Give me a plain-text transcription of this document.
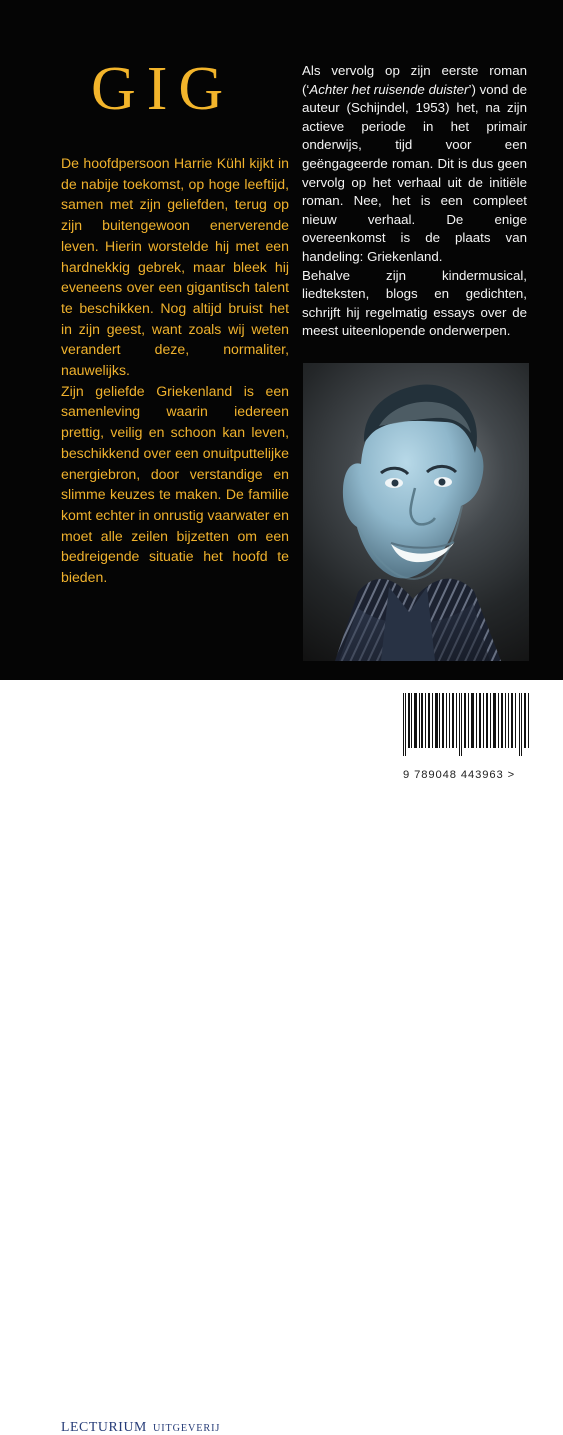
GIG

De hoofdpersoon Harrie Kühl kijkt in de nabije toekomst, op hoge leeftijd, samen met zijn geliefden, terug op zijn buitengewoon enerverende leven. Hierin worstelde hij met een hardnekkig gebrek, maar bleek hij eveneens over een gigantisch talent te beschikken. Nog altijd bruist het in zijn geest, want zoals wij weten verandert deze, normaliter, nauwelijks.

Zijn geliefde Griekenland is een samenleving waarin iedereen prettig, veilig en schoon kan leven, beschikkend over een onuitputtelijke energiebron, door verstandige en slimme keuzes te maken. De familie komt echter in onrustig vaarwater en moet alle zeilen bijzetten om een bedreigende situatie het hoofd te bieden.

Als vervolg op zijn eerste roman (‘Achter het ruisende duister’) vond de auteur (Schijndel, 1953) het, na zijn actieve periode in het primair onderwijs, tijd voor een geëngageerde roman. Dit is dus geen vervolg op het verhaal uit de initiële roman. Nee, het is een compleet nieuw verhaal. De enige overeenkomst is de plaats van handeling: Griekenland.

Behalve zijn kindermusical, liedteksten, blogs en gedichten, schrijft hij regelmatig essays over de meest uiteenlopende onderwerpen.

LECTURIUM UITGEVERIJ
9 789048 443963 >
